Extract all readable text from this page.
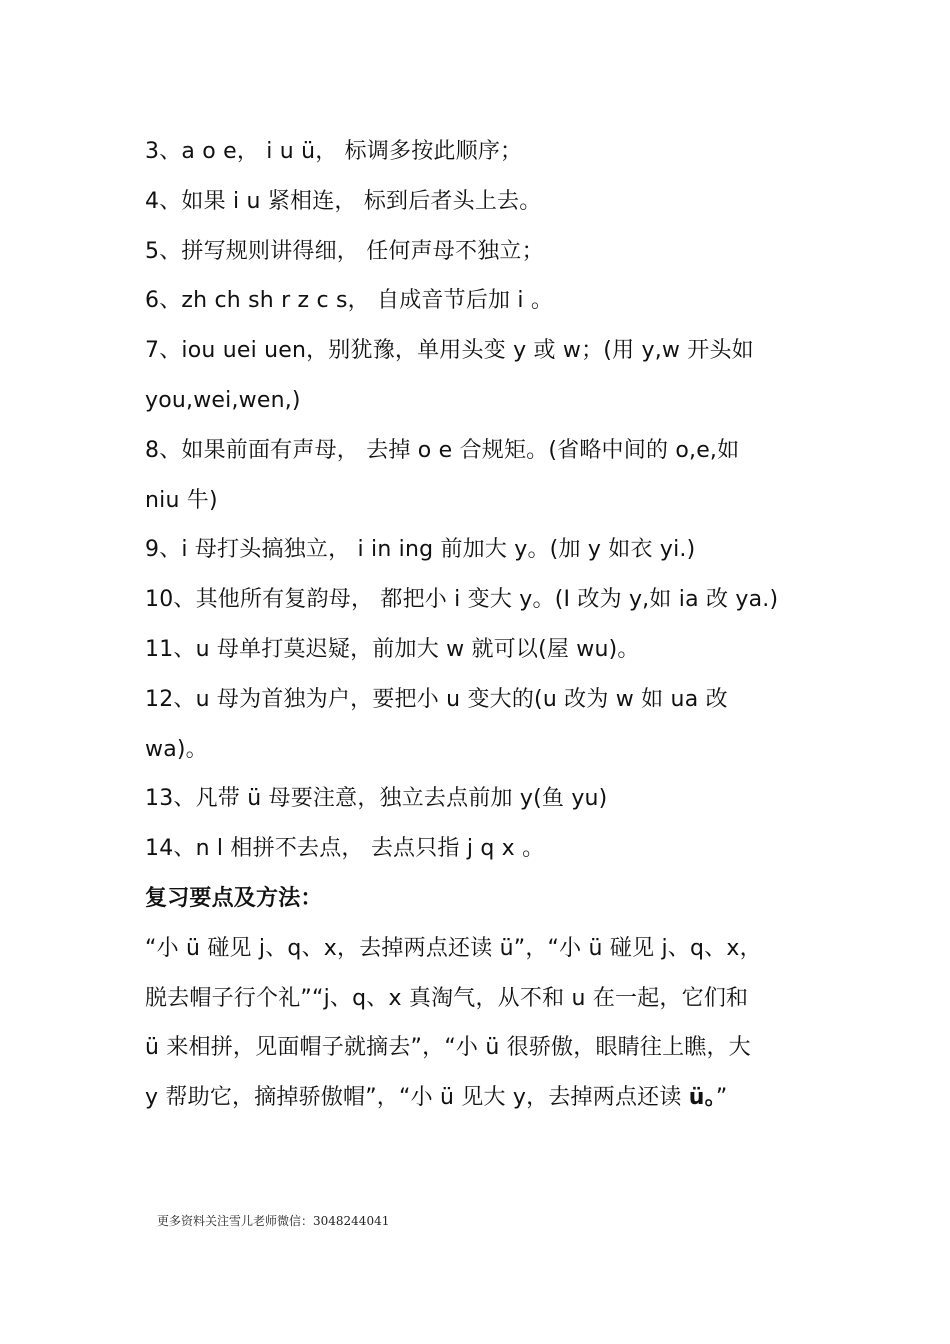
3、a o e， i u ü， 标调多按此顺序；
4、如果 i u 紧相连， 标到后者头上去。
5、拼写规则讲得细， 任何声母不独立；
6、zh ch sh r z c s， 自成音节后加 i 。
7、iou uei uen，别犹豫，单用头变 y 或 w；(用 y,w 开头如
you,wei,wen,)
8、如果前面有声母， 去掉 o e 合规矩。(省略中间的 o,e,如
niu 牛)
9、i 母打头搞独立， i in ing 前加大 y。(加 y 如衣 yi.)
10、其他所有复韵母， 都把小 i 变大 y。(I 改为 y,如 ia 改 ya.)
11、u 母单打莫迟疑，前加大 w 就可以(屋 wu)。
12、u 母为首独为户，要把小 u 变大的(u 改为 w 如 ua 改
wa)。
13、凡带 ü 母要注意，独立去点前加 y(鱼 yu)
14、n l 相拼不去点， 去点只指 j q x 。
复习要点及方法：
“小 ü 碰见 j、q、x，去掉两点还读 ü”，“小 ü 碰见 j、q、x，
脱去帽子行个礼”“j、q、x 真淘气，从不和 u 在一起，它们和
ü 来相拼，见面帽子就摘去”，“小 ü 很骄傲，眼睛往上瞧，大
y 帮助它，摘掉骄傲帽”，“小 ü 见大 y，去掉两点还读 ü。”
更多资料关注雪儿老师微信：3048244041
